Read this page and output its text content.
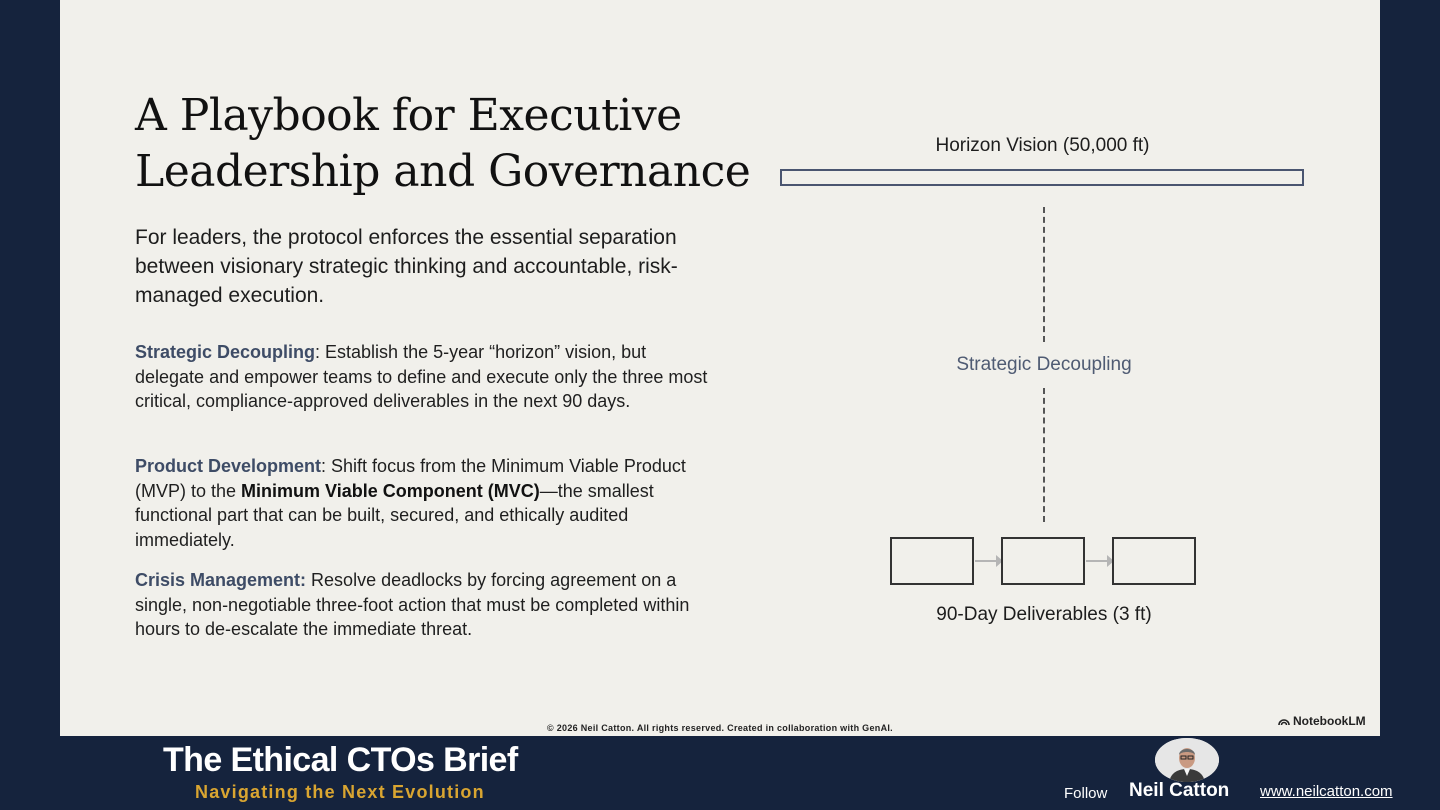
A Playbook for Executive
Leadership and Governance
For leaders, the protocol enforces the essential separation between visionary strategic thinking and accountable, risk-managed execution.
Strategic Decoupling: Establish the 5-year “horizon” vision, but delegate and empower teams to define and execute only the three most critical, compliance-approved deliverables in the next 90 days.
Product Development: Shift focus from the Minimum Viable Product (MVP) to the Minimum Viable Component (MVC)—the smallest functional part that can be built, secured, and ethically audited immediately.
Crisis Management: Resolve deadlocks by forcing agreement on a single, non-negotiable three-foot action that must be completed within hours to de-escalate the immediate threat.
Horizon Vision (50,000 ft)
Strategic Decoupling
90-Day Deliverables (3 ft)
© 2026 Neil Catton. All rights reserved. Created in collaboration with GenAI.	NotebookLM
The Ethical CTOs Brief
Navigating the Next Evolution	Follow Neil Catton www.neilcatton.com
